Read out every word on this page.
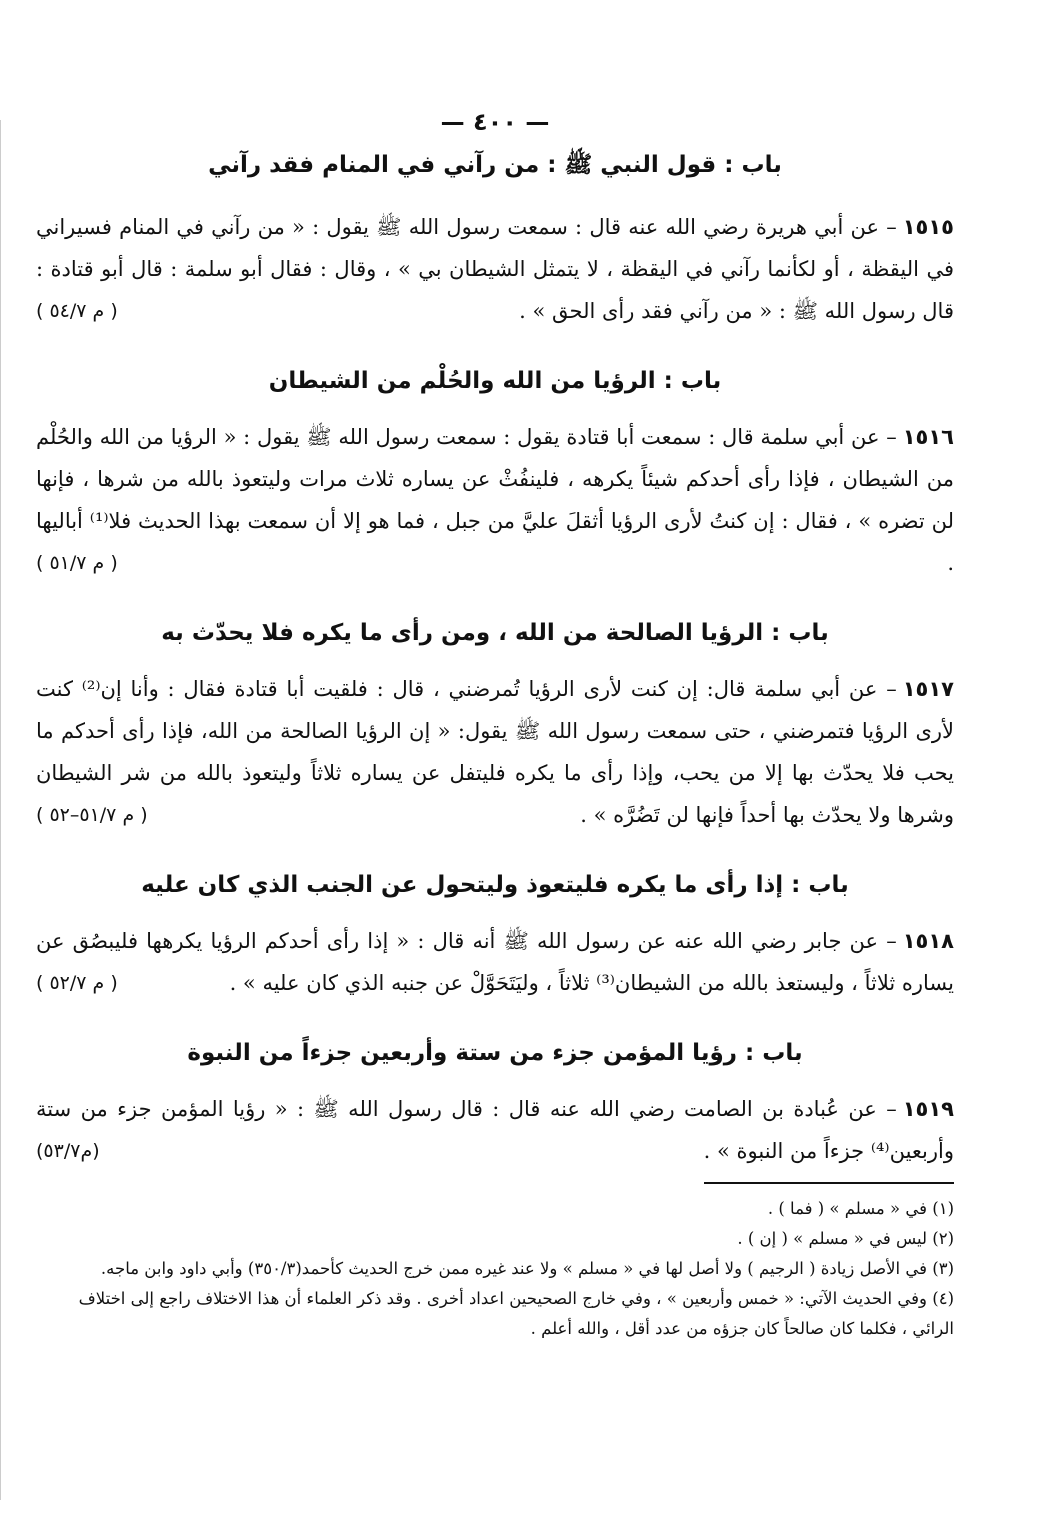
— ٤٠٠ —
باب : قول النبي ﷺ : من رآني في المنام فقد رآني
١٥١٥– عن أبي هريرة رضي الله عنه قال : سمعت رسول الله ﷺ يقول : « من رآني في المنام فسيراني في اليقظة ، أو لكأنما رآني في اليقظة ، لا يتمثل الشيطان بي » ، وقال : فقال أبو سلمة : قال أبو قتادة : قال رسول الله ﷺ : « من رآني فقد رأى الحق » .
( م ٥٤/٧ )
باب : الرؤيا من الله والحُلْم من الشيطان
١٥١٦– عن أبي سلمة قال : سمعت أبا قتادة يقول : سمعت رسول الله ﷺ يقول : « الرؤيا من الله والحُلْم من الشيطان ، فإذا رأى أحدكم شيئاً يكرهه ، فلينفُثْ عن يساره ثلاث مرات وليتعوذ بالله من شرها ، فإنها لن تضره » ، فقال : إن كنتُ لأرى الرؤيا أثقلَ عليَّ من جبل ، فما هو إلا أن سمعت بهذا الحديث فلا⁽¹⁾ أباليها .
( م ٥١/٧ )
باب : الرؤيا الصالحة من الله ، ومن رأى ما يكره فلا يحدّث به
١٥١٧– عن أبي سلمة قال: إن كنت لأرى الرؤيا تُمرضني ، قال : فلقيت أبا قتادة فقال : وأنا إن⁽²⁾ كنت لأرى الرؤيا فتمرضني ، حتى سمعت رسول الله ﷺ يقول: « إن الرؤيا الصالحة من الله، فإذا رأى أحدكم ما يحب فلا يحدّث بها إلا من يحب، وإذا رأى ما يكره فليتفل عن يساره ثلاثاً وليتعوذ بالله من شر الشيطان وشرها ولا يحدّث بها أحداً فإنها لن تَضُرَّه » .
( م ٥١/٧–٥٢ )
باب : إذا رأى ما يكره فليتعوذ وليتحول عن الجنب الذي كان عليه
١٥١٨– عن جابر رضي الله عنه عن رسول الله ﷺ أنه قال : « إذا رأى أحدكم الرؤيا يكرهها فليبصُق عن يساره ثلاثاً ، وليستعذ بالله من الشيطان⁽³⁾ ثلاثاً ، وليَتَحَوَّلْ عن جنبه الذي كان عليه » .
( م ٥٢/٧ )
باب : رؤيا المؤمن جزء من ستة وأربعين جزءاً من النبوة
١٥١٩– عن عُبادة بن الصامت رضي الله عنه قال : قال رسول الله ﷺ : « رؤيا المؤمن جزء من ستة وأربعين⁽⁴⁾ جزءاً من النبوة » .
(م٥٣/٧)
(١) في « مسلم » ( فما ) .
(٢) ليس في « مسلم » ( إن ) .
(٣) في الأصل زيادة ( الرجيم ) ولا أصل لها في « مسلم » ولا عند غيره ممن خرج الحديث كأحمد(٣٥٠/٣) وأبي داود وابن ماجه.
(٤) وفي الحديث الآتي: « خمس وأربعين » ، وفي خارج الصحيحين اعداد أخرى . وقد ذكر العلماء أن هذا الاختلاف راجع إلى اختلاف الرائي ، فكلما كان صالحاً كان جزؤه من عدد أقل ، والله أعلم .
